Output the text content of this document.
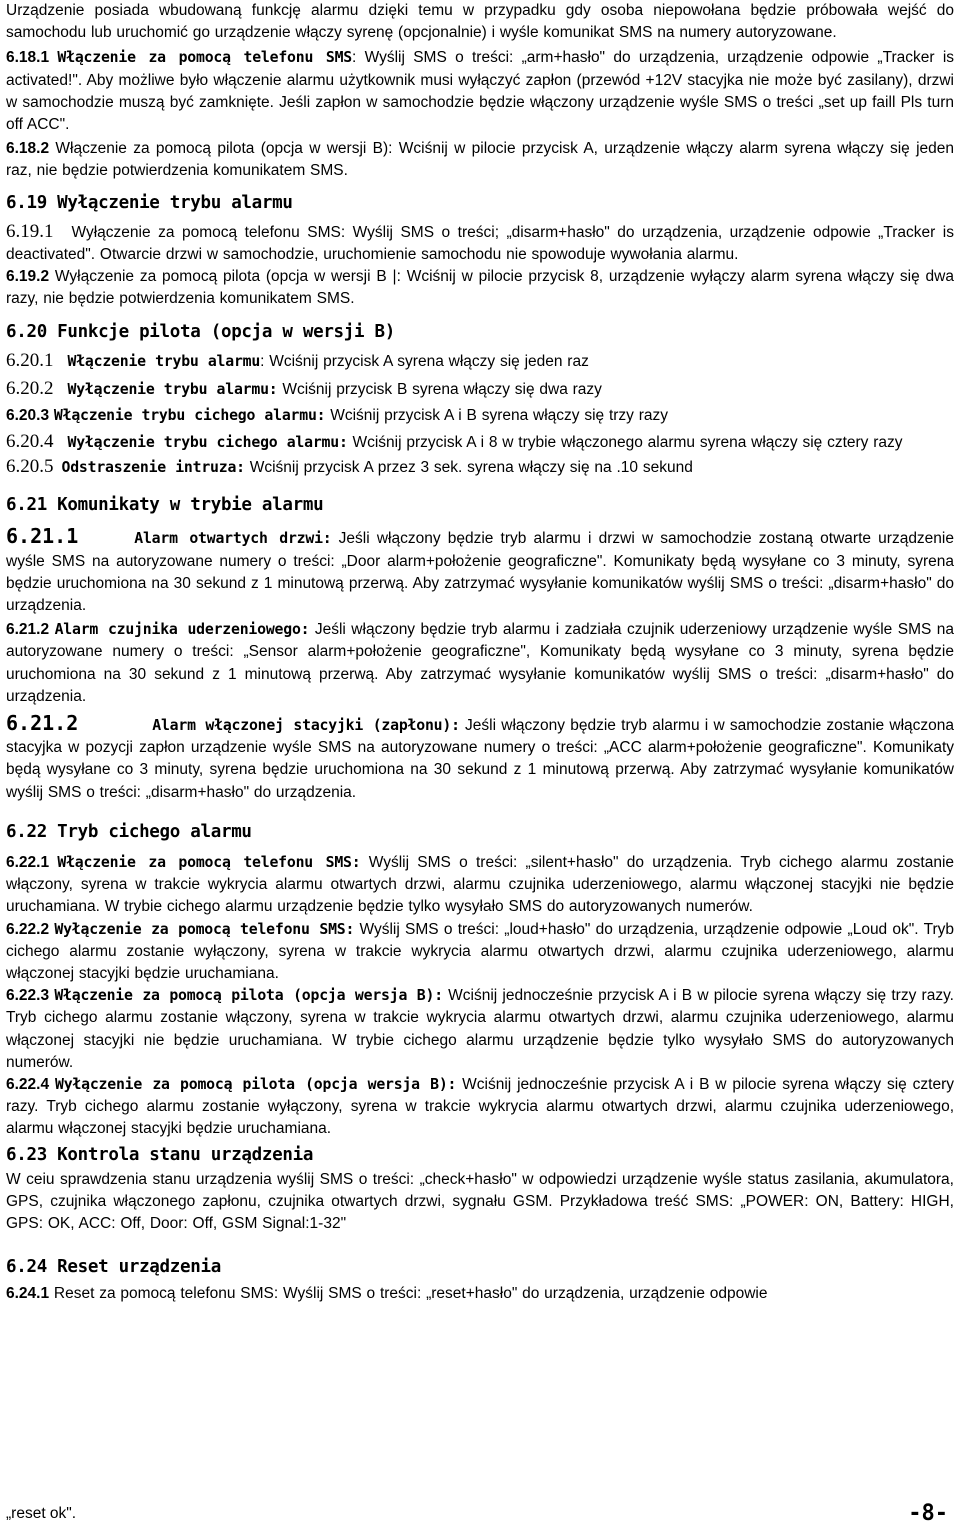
Urządzenie posiada wbudowaną funkcję alarmu dzięki temu w przypadku gdy osoba niepowołana będzie próbowała wejść do samochodu lub uruchomić go urządzenie włączy syrenę (opcjonalnie) i wyśle komunikat SMS na numery autoryzowane.

6.18.1 Włączenie za pomocą telefonu SMS: Wyślij SMS o treści: „arm+hasło" do urządzenia, urządzenie odpowie „Tracker is activated!". Aby możliwe było włączenie alarmu użytkownik musi wyłączyć zapłon (przewód +12V stacyjka nie może być zasilany), drzwi w samochodzie muszą być zamknięte. Jeśli zapłon w samochodzie będzie włączony urządzenie wyśle SMS o treści „set up faill Pls turn off ACC".

6.18.2 Włączenie za pomocą pilota (opcja w wersji B): Wciśnij w pilocie przycisk A, urządzenie włączy alarm syrena włączy się jeden raz, nie będzie potwierdzenia komunikatem SMS.

6.19 Wyłączenie trybu alarmu

6.19.1 Wyłączenie za pomocą telefonu SMS: Wyślij SMS o treści; „disarm+hasło" do urządzenia, urządzenie odpowie „Tracker is deactivated". Otwarcie drzwi w samochodzie, uruchomienie samochodu nie spowoduje wywołania alarmu.

6.19.2 Wyłączenie za pomocą pilota (opcja w wersji B |: Wciśnij w pilocie przycisk 8, urządzenie wyłączy alarm syrena włączy się dwa razy, nie będzie potwierdzenia komunikatem SMS.

6.20 Funkcje pilota (opcja w wersji B)

6.20.1 Włączenie trybu alarmu: Wciśnij przycisk A syrena włączy się jeden raz

6.20.2 Wyłączenie trybu alarmu: Wciśnij przycisk B syrena włączy się dwa razy

6.20.3 Włączenie trybu cichego alarmu: Wciśnij przycisk A i B syrena włączy się trzy razy

6.20.4 Wyłączenie trybu cichego alarmu: Wciśnij przycisk A i 8 w trybie włączonego alarmu syrena włączy się cztery razy

6.20.5 Odstraszenie intruza: Wciśnij przycisk A przez 3 sek. syrena włączy się na .10 sekund

6.21 Komunikaty w trybie alarmu

6.21.1	Alarm otwartych drzwi: Jeśli włączony będzie tryb alarmu i drzwi w samochodzie zostaną otwarte urządzenie wyśle SMS na autoryzowane numery o treści: „Door alarm+położenie geograficzne". Komunikaty będą wysyłane co 3 minuty, syrena będzie uruchomiona na 30 sekund z 1 minutową przerwą. Aby zatrzymać wysyłanie komunikatów wyślij SMS o treści: „disarm+hasło" do urządzenia.

6.21.2 Alarm czujnika uderzeniowego: Jeśli włączony będzie tryb alarmu i zadziała czujnik uderzeniowy urządzenie wyśle SMS na autoryzowane numery o treści: „Sensor alarm+położenie geograficzne", Komunikaty będą wysyłane co 3 minuty, syrena będzie uruchomiona na 30 sekund z 1 minutową przerwą. Aby zatrzymać wysyłanie komunikatów wyślij SMS o treści: „disarm+hasło" do urządzenia.

6.21.2	Alarm włączonej stacyjki (zapłonu): Jeśli włączony będzie tryb alarmu i w samochodzie zostanie włączona stacyjka w pozycji zapłon urządzenie wyśle SMS na autoryzowane numery o treści: „ACC alarm+położenie geograficzne". Komunikaty będą wysyłane co 3 minuty, syrena będzie uruchomiona na 30 sekund z 1 minutową przerwą. Aby zatrzymać wysyłanie komunikatów wyślij SMS o treści: „disarm+hasło" do urządzenia.

6.22 Tryb cichego alarmu

6.22.1 Włączenie za pomocą telefonu SMS: Wyślij SMS o treści: „silent+hasło" do urządzenia. Tryb cichego alarmu zostanie włączony, syrena w trakcie wykrycia alarmu otwartych drzwi, alarmu czujnika uderzeniowego, alarmu włączonej stacyjki nie będzie uruchamiana. W trybie cichego alarmu urządzenie będzie tylko wysyłało SMS do autoryzowanych numerów.

6.22.2 Wyłączenie za pomocą telefonu SMS: Wyślij SMS o treści: „loud+hasło" do urządzenia, urządzenie odpowie „Loud ok". Tryb cichego alarmu zostanie wyłączony, syrena w trakcie wykrycia alarmu otwartych drzwi, alarmu czujnika uderzeniowego, alarmu włączonej stacyjki będzie uruchamiana.

6.22.3 Włączenie za pomocą pilota (opcja wersja B): Wciśnij jednocześnie przycisk A i B w pilocie syrena włączy się trzy razy. Tryb cichego alarmu zostanie włączony, syrena w trakcie wykrycia alarmu otwartych drzwi, alarmu czujnika uderzeniowego, alarmu włączonej stacyjki nie będzie uruchamiana. W trybie cichego alarmu urządzenie będzie tylko wysyłało SMS do autoryzowanych numerów.

6.22.4 Wyłączenie za pomocą pilota (opcja wersja B): Wciśnij jednocześnie przycisk A i B w pilocie syrena włączy się cztery razy. Tryb cichego alarmu zostanie wyłączony, syrena w trakcie wykrycia alarmu otwartych drzwi, alarmu czujnika uderzeniowego, alarmu włączonej stacyjki będzie uruchamiana.

6.23 Kontrola stanu urządzenia

W ceiu sprawdzenia stanu urządzenia wyślij SMS o treści: „check+hasło" w odpowiedzi urządzenie wyśle status zasilania, akumulatora, GPS, czujnika włączonego zapłonu, czujnika otwartych drzwi, sygnału GSM. Przykładowa treść SMS: „POWER: ON, Battery: HIGH, GPS: OK, ACC: Off, Door: Off, GSM Signal:1-32"

6.24 Reset urządzenia

6.24.1 Reset za pomocą telefonu SMS: Wyślij SMS o treści: „reset+hasło" do urządzenia, urządzenie odpowie

„reset ok".	-8-
